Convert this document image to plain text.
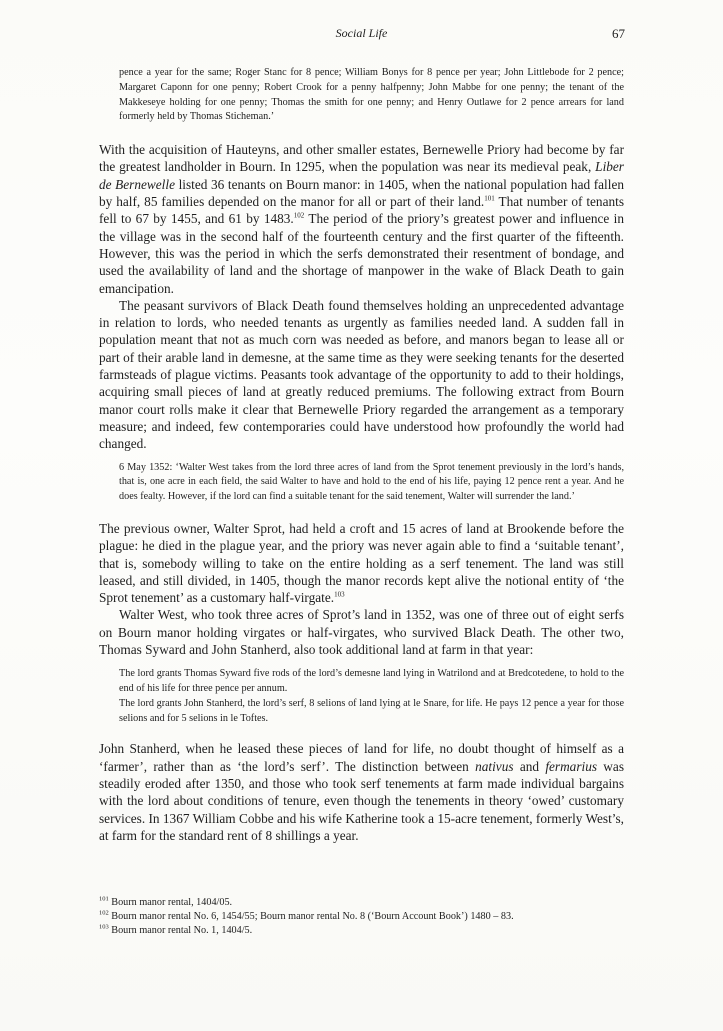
Social Life	67

pence a year for the same; Roger Stanc for 8 pence; William Bonys for 8 pence per year; John Littlebode for 2 pence; Margaret Caponn for one penny; Robert Crook for a penny halfpenny; John Mabbe for one penny; the tenant of the Makkeseye holding for one penny; Thomas the smith for one penny; and Henry Outlawe for 2 pence arrears for land formerly held by Thomas Sticheman.’

With the acquisition of Hauteyns, and other smaller estates, Bernewelle Priory had become by far the greatest landholder in Bourn. In 1295, when the population was near its medieval peak, Liber de Bernewelle listed 36 tenants on Bourn manor: in 1405, when the national population had fallen by half, 85 families depended on the manor for all or part of their land.$^{101}$ That number of tenants fell to 67 by 1455, and 61 by 1483.$^{102}$ The period of the priory’s greatest power and influence in the village was in the second half of the fourteenth century and the first quarter of the fifteenth. However, this was the period in which the serfs demonstrated their resentment of bondage, and used the availability of land and the shortage of manpower in the wake of Black Death to gain emancipation.

The peasant survivors of Black Death found themselves holding an unprecedented advantage in relation to lords, who needed tenants as urgently as families needed land. A sudden fall in population meant that not as much corn was needed as before, and manors began to lease all or part of their arable land in demesne, at the same time as they were seeking tenants for the deserted farmsteads of plague victims. Peasants took advantage of the opportunity to add to their holdings, acquiring small pieces of land at greatly reduced premiums. The following extract from Bourn manor court rolls make it clear that Bernewelle Priory regarded the arrangement as a temporary measure; and indeed, few contemporaries could have understood how profoundly the world had changed.

6 May 1352: ‘Walter West takes from the lord three acres of land from the Sprot tenement previously in the lord’s hands, that is, one acre in each field, the said Walter to have and hold to the end of his life, paying 12 pence rent a year. And he does fealty. However, if the lord can find a suitable tenant for the said tenement, Walter will surrender the land.’

The previous owner, Walter Sprot, had held a croft and 15 acres of land at Brookende before the plague: he died in the plague year, and the priory was never again able to find a ‘suitable tenant’, that is, somebody willing to take on the entire holding as a serf tenement. The land was still leased, and still divided, in 1405, though the manor records kept alive the notional entity of ‘the Sprot tenement’ as a customary half-virgate.$^{103}$

Walter West, who took three acres of Sprot’s land in 1352, was one of three out of eight serfs on Bourn manor holding virgates or half-virgates, who survived Black Death. The other two, Thomas Syward and John Stanherd, also took additional land at farm in that year:

The lord grants Thomas Syward five rods of the lord’s demesne land lying in Watrilond and at Bredcotedene, to hold to the end of his life for three pence per annum.

The lord grants John Stanherd, the lord’s serf, 8 selions of land lying at le Snare, for life. He pays 12 pence a year for those selions and for 5 selions in le Toftes.

John Stanherd, when he leased these pieces of land for life, no doubt thought of himself as a ‘farmer’, rather than as ‘the lord’s serf’. The distinction between nativus and fermarius was steadily eroded after 1350, and those who took serf tenements at farm made individual bargains with the lord about conditions of tenure, even though the tenements in theory ‘owed’ customary services. In 1367 William Cobbe and his wife Katherine took a 15-acre tenement, formerly West’s, at farm for the standard rent of 8 shillings a year.

$^{101}$ Bourn manor rental, 1404/05.

$^{102}$ Bourn manor rental No. 6, 1454/55; Bourn manor rental No. 8 (‘Bourn Account Book’) 1480 – 83.

$^{103}$ Bourn manor rental No. 1, 1404/5.
